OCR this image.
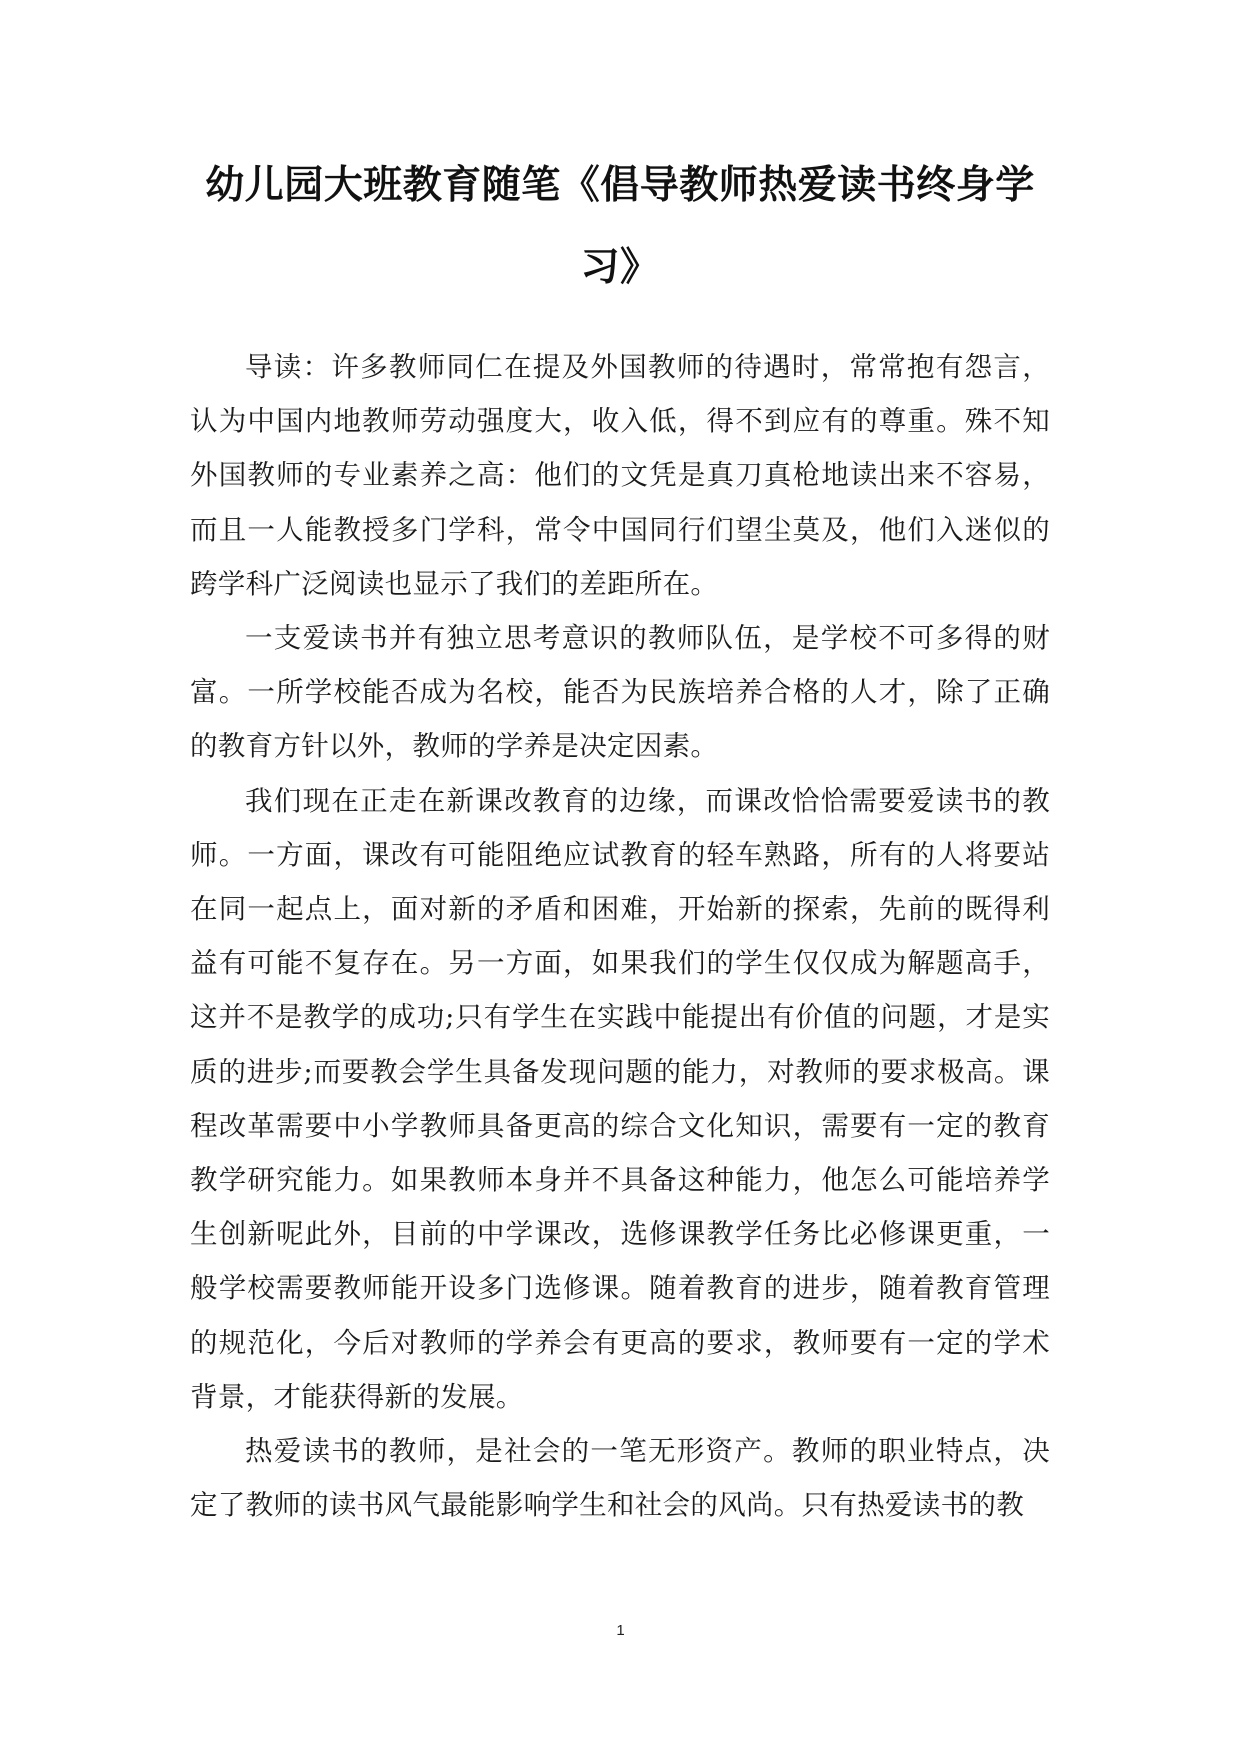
幼儿园大班教育随笔《倡导教师热爱读书终身学习》

导读：许多教师同仁在提及外国教师的待遇时，常常抱有怨言，认为中国内地教师劳动强度大，收入低，得不到应有的尊重。殊不知外国教师的专业素养之高：他们的文凭是真刀真枪地读出来不容易，而且一人能教授多门学科，常令中国同行们望尘莫及，他们入迷似的跨学科广泛阅读也显示了我们的差距所在。

一支爱读书并有独立思考意识的教师队伍，是学校不可多得的财富。一所学校能否成为名校，能否为民族培养合格的人才，除了正确的教育方针以外，教师的学养是决定因素。

我们现在正走在新课改教育的边缘，而课改恰恰需要爱读书的教师。一方面，课改有可能阻绝应试教育的轻车熟路，所有的人将要站在同一起点上，面对新的矛盾和困难，开始新的探索，先前的既得利益有可能不复存在。另一方面，如果我们的学生仅仅成为解题高手，这并不是教学的成功;只有学生在实践中能提出有价值的问题，才是实质的进步;而要教会学生具备发现问题的能力，对教师的要求极高。课程改革需要中小学教师具备更高的综合文化知识，需要有一定的教育教学研究能力。如果教师本身并不具备这种能力，他怎么可能培养学生创新呢此外，目前的中学课改，选修课教学任务比必修课更重，一般学校需要教师能开设多门选修课。随着教育的进步，随着教育管理的规范化，今后对教师的学养会有更高的要求，教师要有一定的学术背景，才能获得新的发展。

热爱读书的教师，是社会的一笔无形资产。教师的职业特点，决定了教师的读书风气最能影响学生和社会的风尚。只有热爱读书的教

1
